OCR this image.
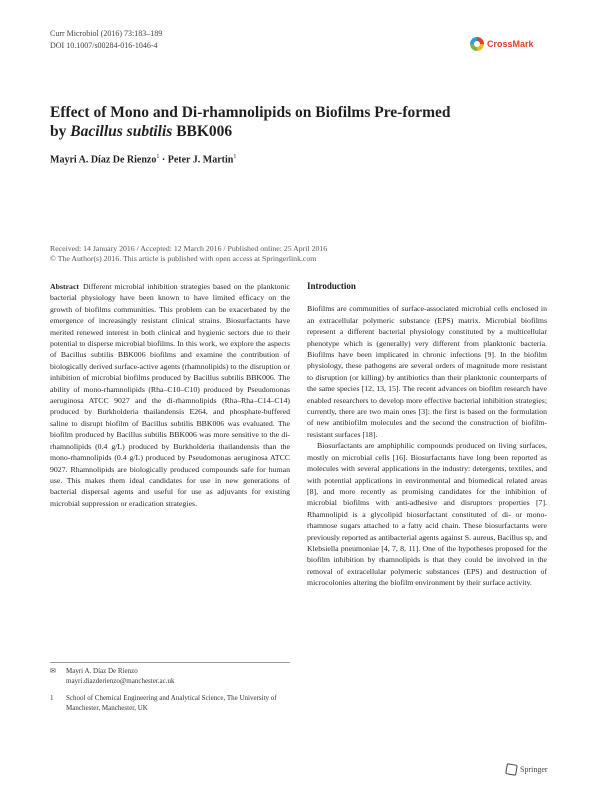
Curr Microbiol (2016) 73:183–189
DOI 10.1007/s00284-016-1046-4	CrossMark
Effect of Mono and Di-rhamnolipids on Biofilms Pre-formed
by Bacillus subtilis BBK006
Mayri A. Díaz De Rienzo$^1$ · Peter J. Martin$^1$
Received: 14 January 2016 / Accepted: 12 March 2016 / Published online: 25 April 2016
© The Author(s) 2016. This article is published with open access at Springerlink.com

Abstract Different microbial inhibition strategies based on the planktonic bacterial physiology have been known to have limited efficacy on the growth of biofilms communities. This problem can be exacerbated by the emergence of increasingly resistant clinical strains. Biosurfactants have merited renewed interest in both clinical and hygienic sectors due to their potential to disperse microbial biofilms. In this work, we explore the aspects of Bacillus subtilis BBK006 biofilms and examine the contribution of biologically derived surface-active agents (rhamnolipids) to the disruption or inhibition of microbial biofilms produced by Bacillus subtilis BBK006. The ability of mono-rhamnolipids (Rha–C10–C10) produced by Pseudomonas aeruginosa ATCC 9027 and the di-rhamnolipids (Rha–Rha–C14–C14) produced by Burkholderia thailandensis E264, and phosphate-buffered saline to disrupt biofilm of Bacillus subtilis BBK006 was evaluated. The biofilm produced by Bacillus subtilis BBK006 was more sensitive to the di-rhamnolipids (0.4 g/L) produced by Burkholderia thailandensis than the mono-rhamnolipids (0.4 g/L) produced by Pseudomonas aeruginosa ATCC 9027. Rhamnolipids are biologically produced compounds safe for human use. This makes them ideal candidates for use in new generations of bacterial dispersal agents and useful for use as adjuvants for existing microbial suppression or eradication strategies.

Introduction

Biofilms are communities of surface-associated microbial cells enclosed in an extracellular polymeric substance (EPS) matrix. Microbial biofilms represent a different bacterial physiology constituted by a multicellular phenotype which is (generally) very different from planktonic bacteria. Biofilms have been implicated in chronic infections [9]. In the biofilm physiology, these pathogens are several orders of magnitude more resistant to disruption (or killing) by antibiotics than their planktonic counterparts of the same species [12, 13, 15]. The recent advances on biofilm research have enabled researchers to develop more effective bacterial inhibition strategies; currently, there are two main ones [3]: the first is based on the formulation of new antibiofilm molecules and the second the construction of biofilm-resistant surfaces [18].

Biosurfactants are amphiphilic compounds produced on living surfaces, mostly on microbial cells [16]. Biosurfactants have long been reported as molecules with several applications in the industry: detergents, textiles, and with potential applications in environmental and biomedical related areas [8], and more recently as promising candidates for the inhibition of microbial biofilms with anti-adhesive and disruptors properties [7]. Rhamnolipid is a glycolipid biosurfactant constituted of di- or mono-rhamnose sugars attached to a fatty acid chain. These biosurfactants were previously reported as antibacterial agents against S. aureus, Bacillus sp, and Klebsiella pneumoniae [4, 7, 8, 11]. One of the hypotheses proposed for the biofilm inhibition by rhamnolipids is that they could be involved in the removal of extracellular polymeric substances (EPS) and destruction of microcolonies altering the biofilm environment by their surface activity.

✉	Mayri A. Díaz De Rienzo
mayri.diazderienzo@manchester.ac.uk
1	School of Chemical Engineering and Analytical Science, The University of Manchester, Manchester, UK
Springer
